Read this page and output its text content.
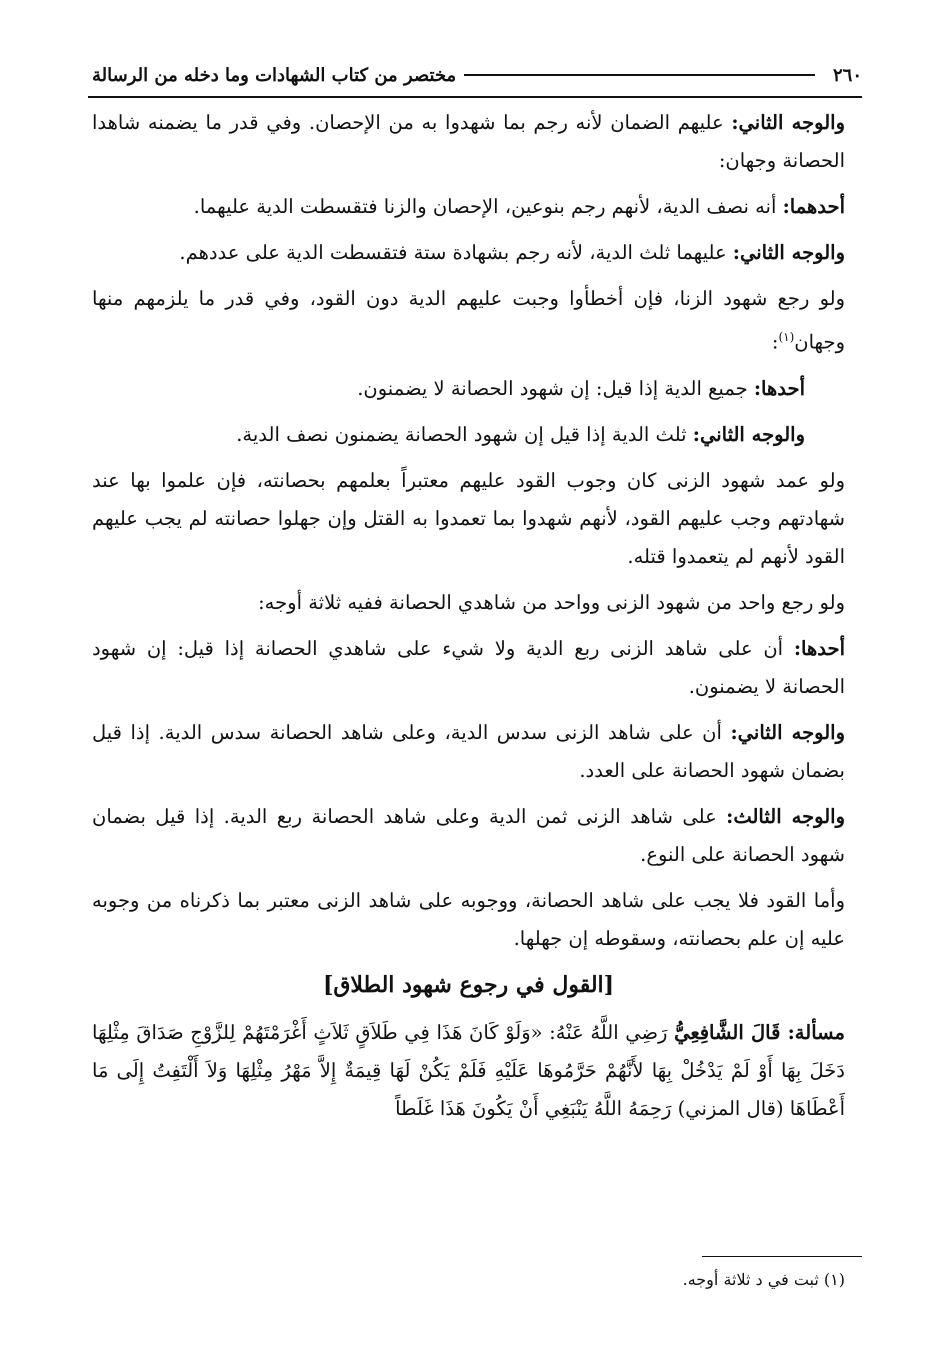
٢٦٠
مختصر من كتاب الشهادات وما دخله من الرسالة

والوجه الثاني: عليهم الضمان لأنه رجم بما شهدوا به من الإحصان. وفي قدر ما يضمنه شاهدا الحصانة وجهان:

أحدهما: أنه نصف الدية، لأنهم رجم بنوعين، الإحصان والزنا فتقسطت الدية عليهما.

والوجه الثاني: عليهما ثلث الدية، لأنه رجم بشهادة ستة فتقسطت الدية على عددهم.

ولو رجع شهود الزنا، فإن أخطأوا وجبت عليهم الدية دون القود، وفي قدر ما يلزمهم منها وجهان$^{(١)}$:

أحدها: جميع الدية إذا قيل: إن شهود الحصانة لا يضمنون.

والوجه الثاني: ثلث الدية إذا قيل إن شهود الحصانة يضمنون نصف الدية.

ولو عمد شهود الزنى كان وجوب القود عليهم معتبراً بعلمهم بحصانته، فإن علموا بها عند شهادتهم وجب عليهم القود، لأنهم شهدوا بما تعمدوا به القتل وإن جهلوا حصانته لم يجب عليهم القود لأنهم لم يتعمدوا قتله.

ولو رجع واحد من شهود الزنى وواحد من شاهدي الحصانة ففيه ثلاثة أوجه:

أحدها: أن على شاهد الزنى ربع الدية ولا شيء على شاهدي الحصانة إذا قيل: إن شهود الحصانة لا يضمنون.

والوجه الثاني: أن على شاهد الزنى سدس الدية، وعلى شاهد الحصانة سدس الدية. إذا قيل بضمان شهود الحصانة على العدد.

والوجه الثالث: على شاهد الزنى ثمن الدية وعلى شاهد الحصانة ربع الدية. إذا قيل بضمان شهود الحصانة على النوع.

وأما القود فلا يجب على شاهد الحصانة، ووجوبه على شاهد الزنى معتبر بما ذكرناه من وجوبه عليه إن علم بحصانته، وسقوطه إن جهلها.

[القول في رجوع شهود الطلاق]

مسألة: قَالَ الشَّافِعِيُّ رَضِي اللَّهُ عَنْهُ: «وَلَوْ كَانَ هَذَا فِي طَلاَقٍ ثَلاَثٍ أَغْرَمْتَهُمْ لِلزَّوْجِ صَدَاقَ مِثْلِهَا دَخَلَ بِهَا أَوْ لَمْ يَدْخُلْ بِهَا لأَنَّهُمْ حَرَّمُوهَا عَلَيْهِ فَلَمْ يَكُنْ لَهَا قِيمَةٌ إِلاَّ مَهْرُ مِثْلِهَا وَلاَ أَلْتَفِتُ إِلَى مَا أَعْطَاهَا (قال المزني) رَحِمَهُ اللَّهُ يَنْبَغِي أَنْ يَكُونَ هَذَا غَلَطاً

(١) ثبت في د ثلاثة أوجه.
